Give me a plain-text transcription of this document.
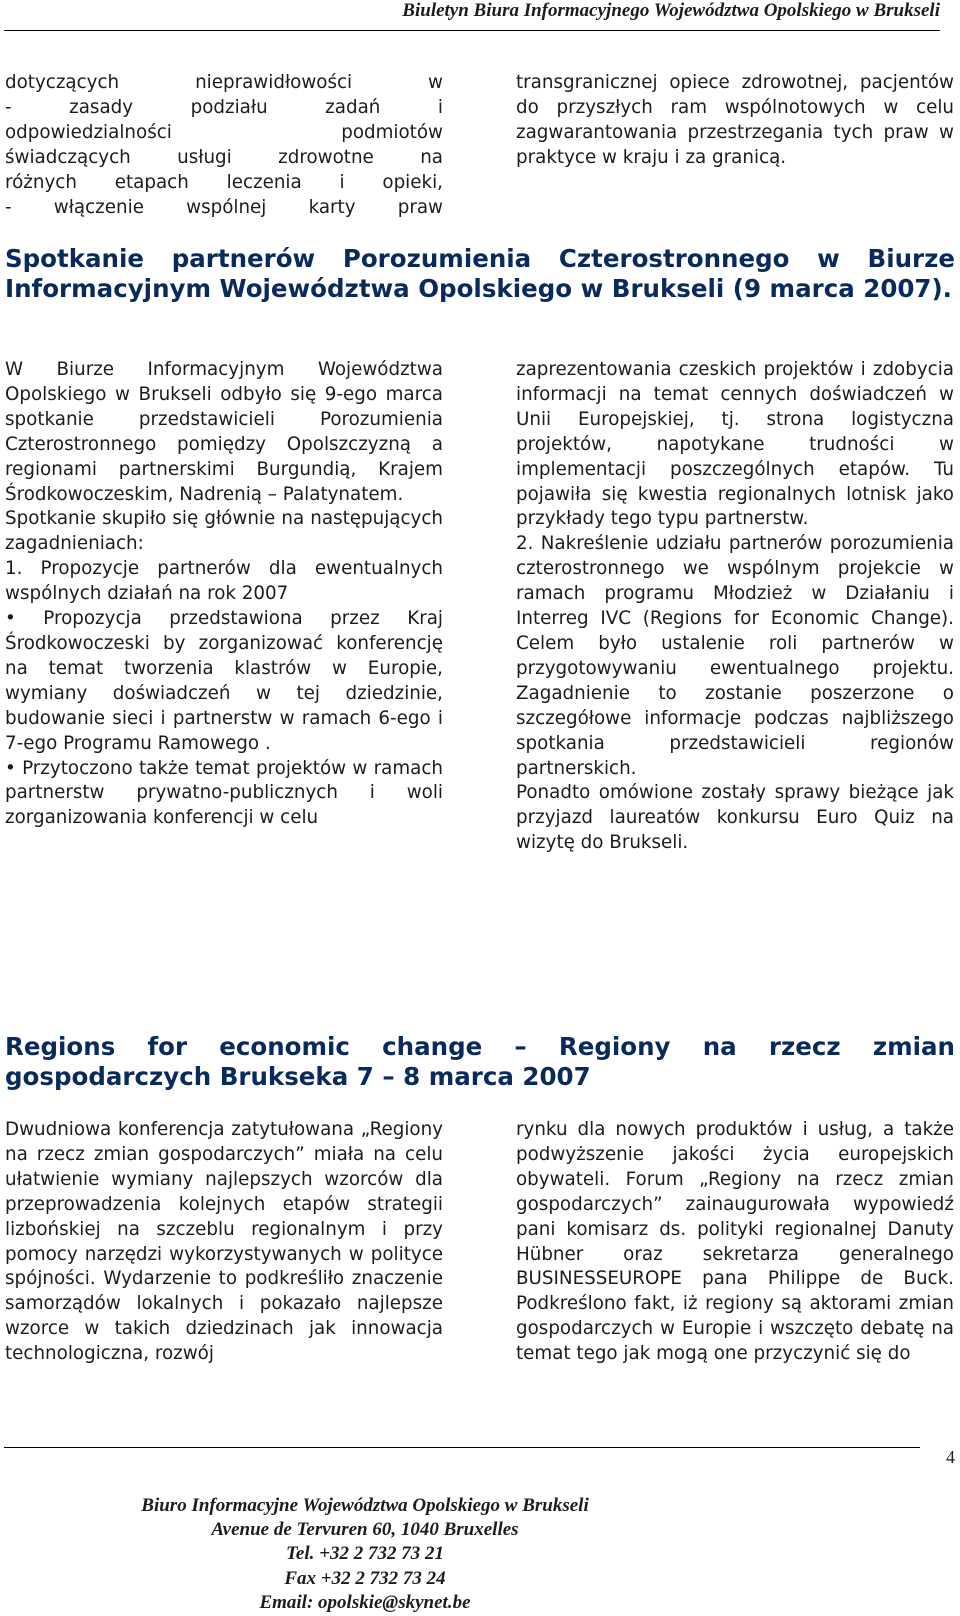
Biuletyn Biura Informacyjnego Województwa Opolskiego w Brukseli
dotyczących nieprawidłowości w
- zasady podziału zadań i
odpowiedzialności podmiotów
świadczących usługi zdrowotne na
różnych etapach leczenia i opieki,
- włączenie wspólnej karty praw

transgranicznej opiece zdrowotnej, pacjentów do przyszłych ram wspólnotowych w celu zagwarantowania przestrzegania tych praw w praktyce w kraju i za granicą.

Spotkanie partnerów Porozumienia Czterostronnego w Biurze Informacyjnym Województwa Opolskiego w Brukseli (9 marca 2007).

W Biurze Informacyjnym Województwa Opolskiego w Brukseli odbyło się 9-ego marca spotkanie przedstawicieli Porozumienia Czterostronnego pomiędzy Opolszczyzną a regionami partnerskimi Burgundią, Krajem Środkowoczeskim, Nadrenią – Palatynatem.

Spotkanie skupiło się głównie na następujących zagadnieniach:

1. Propozycje partnerów dla ewentualnych wspólnych działań na rok 2007

• Propozycja przedstawiona przez Kraj Środkowoczeski by zorganizować konferencję na temat tworzenia klastrów w Europie, wymiany doświadczeń w tej dziedzinie, budowanie sieci i partnerstw w ramach 6-ego i 7-ego Programu Ramowego .

• Przytoczono także temat projektów w ramach partnerstw prywatno-publicznych i woli zorganizowania konferencji w celu

zaprezentowania czeskich projektów i zdobycia informacji na temat cennych doświadczeń w Unii Europejskiej, tj. strona logistyczna projektów, napotykane trudności w implementacji poszczególnych etapów. Tu pojawiła się kwestia regionalnych lotnisk jako przykłady tego typu partnerstw.

2. Nakreślenie udziału partnerów porozumienia czterostronnego we wspólnym projekcie w ramach programu Młodzież w Działaniu i Interreg IVC (Regions for Economic Change). Celem było ustalenie roli partnerów w przygotowywaniu ewentualnego projektu. Zagadnienie to zostanie poszerzone o szczegółowe informacje podczas najbliższego spotkania przedstawicieli regionów partnerskich.

Ponadto omówione zostały sprawy bieżące jak przyjazd laureatów konkursu Euro Quiz na wizytę do Brukseli.

Regions for economic change – Regiony na rzecz zmian gospodarczych Brukseka 7 – 8 marca 2007

Dwudniowa konferencja zatytułowana „Regiony na rzecz zmian gospodarczych” miała na celu ułatwienie wymiany najlepszych wzorców dla przeprowadzenia kolejnych etapów strategii lizbońskiej na szczeblu regionalnym i przy pomocy narzędzi wykorzystywanych w polityce spójności. Wydarzenie to podkreśliło znaczenie samorządów lokalnych i pokazało najlepsze wzorce w takich dziedzinach jak innowacja technologiczna, rozwój

rynku dla nowych produktów i usług, a także podwyższenie jakości życia europejskich obywateli. Forum „Regiony na rzecz zmian gospodarczych” zainaugurowała wypowiedź pani komisarz ds. polityki regionalnej Danuty Hübner oraz sekretarza generalnego BUSINESSEUROPE pana Philippe de Buck. Podkreślono fakt, iż regiony są aktorami zmian gospodarczych w Europie i wszczęto debatę na temat tego jak mogą one przyczynić się do

4
Biuro Informacyjne Województwa Opolskiego w Brukseli
Avenue de Tervuren 60, 1040 Bruxelles
Tel. +32 2 732 73 21
Fax +32 2 732 73 24
Email: opolskie@skynet.be
